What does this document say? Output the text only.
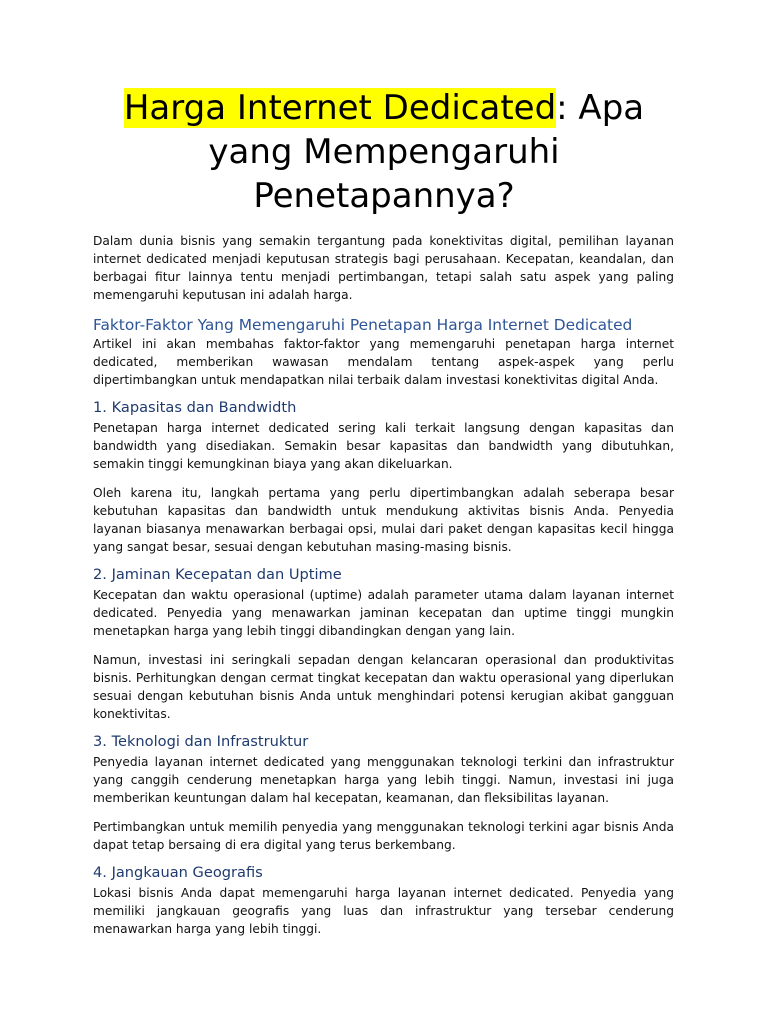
Harga Internet Dedicated: Apa yang Mempengaruhi Penetapannya?

Dalam dunia bisnis yang semakin tergantung pada konektivitas digital, pemilihan layanan internet dedicated menjadi keputusan strategis bagi perusahaan. Kecepatan, keandalan, dan berbagai fitur lainnya tentu menjadi pertimbangan, tetapi salah satu aspek yang paling memengaruhi keputusan ini adalah harga.

Faktor-Faktor Yang Memengaruhi Penetapan Harga Internet Dedicated

Artikel ini akan membahas faktor-faktor yang memengaruhi penetapan harga internet dedicated, memberikan wawasan mendalam tentang aspek-aspek yang perlu dipertimbangkan untuk mendapatkan nilai terbaik dalam investasi konektivitas digital Anda.

1. Kapasitas dan Bandwidth

Penetapan harga internet dedicated sering kali terkait langsung dengan kapasitas dan bandwidth yang disediakan. Semakin besar kapasitas dan bandwidth yang dibutuhkan, semakin tinggi kemungkinan biaya yang akan dikeluarkan.

Oleh karena itu, langkah pertama yang perlu dipertimbangkan adalah seberapa besar kebutuhan kapasitas dan bandwidth untuk mendukung aktivitas bisnis Anda. Penyedia layanan biasanya menawarkan berbagai opsi, mulai dari paket dengan kapasitas kecil hingga yang sangat besar, sesuai dengan kebutuhan masing-masing bisnis.

2. Jaminan Kecepatan dan Uptime

Kecepatan dan waktu operasional (uptime) adalah parameter utama dalam layanan internet dedicated. Penyedia yang menawarkan jaminan kecepatan dan uptime tinggi mungkin menetapkan harga yang lebih tinggi dibandingkan dengan yang lain.

Namun, investasi ini seringkali sepadan dengan kelancaran operasional dan produktivitas bisnis. Perhitungkan dengan cermat tingkat kecepatan dan waktu operasional yang diperlukan sesuai dengan kebutuhan bisnis Anda untuk menghindari potensi kerugian akibat gangguan konektivitas.

3. Teknologi dan Infrastruktur

Penyedia layanan internet dedicated yang menggunakan teknologi terkini dan infrastruktur yang canggih cenderung menetapkan harga yang lebih tinggi. Namun, investasi ini juga memberikan keuntungan dalam hal kecepatan, keamanan, dan fleksibilitas layanan.

Pertimbangkan untuk memilih penyedia yang menggunakan teknologi terkini agar bisnis Anda dapat tetap bersaing di era digital yang terus berkembang.

4. Jangkauan Geografis

Lokasi bisnis Anda dapat memengaruhi harga layanan internet dedicated. Penyedia yang memiliki jangkauan geografis yang luas dan infrastruktur yang tersebar cenderung menawarkan harga yang lebih tinggi.
